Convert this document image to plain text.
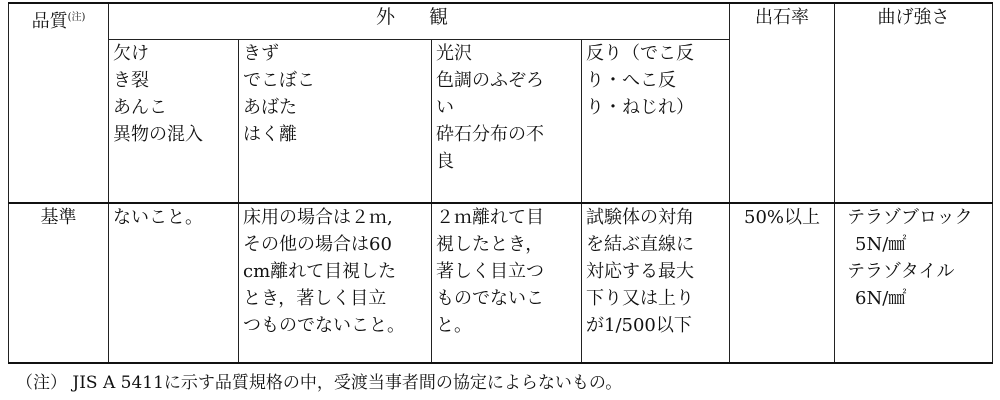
品質$^{(注)}$	外 観				出石率	曲げ強さ

	欠け
き裂
あんこ
異物の混入	きず
でこぼこ
あばた
はく離	光沢
色調のふぞろ
い
砕石分布の不
良	反り（でこ反
り・へこ反
り・ねじれ）		

基準	ないこと。	床用の場合は２ｍ,
その他の場合は60
cm離れて目視した
とき，著しく目立
つものでないこと。	２ｍ離れて目
視したとき，
著しく目立つ
ものでないこ
と。	試験体の対角
を結ぶ直線に
対応する最大
下り又は上り
が1/500以下	50%以上	テラゾブロック
5N/㎟
テラゾタイル
6N/㎟
（注） JIS A 5411に示す品質規格の中，受渡当事者間の協定によらないもの。
